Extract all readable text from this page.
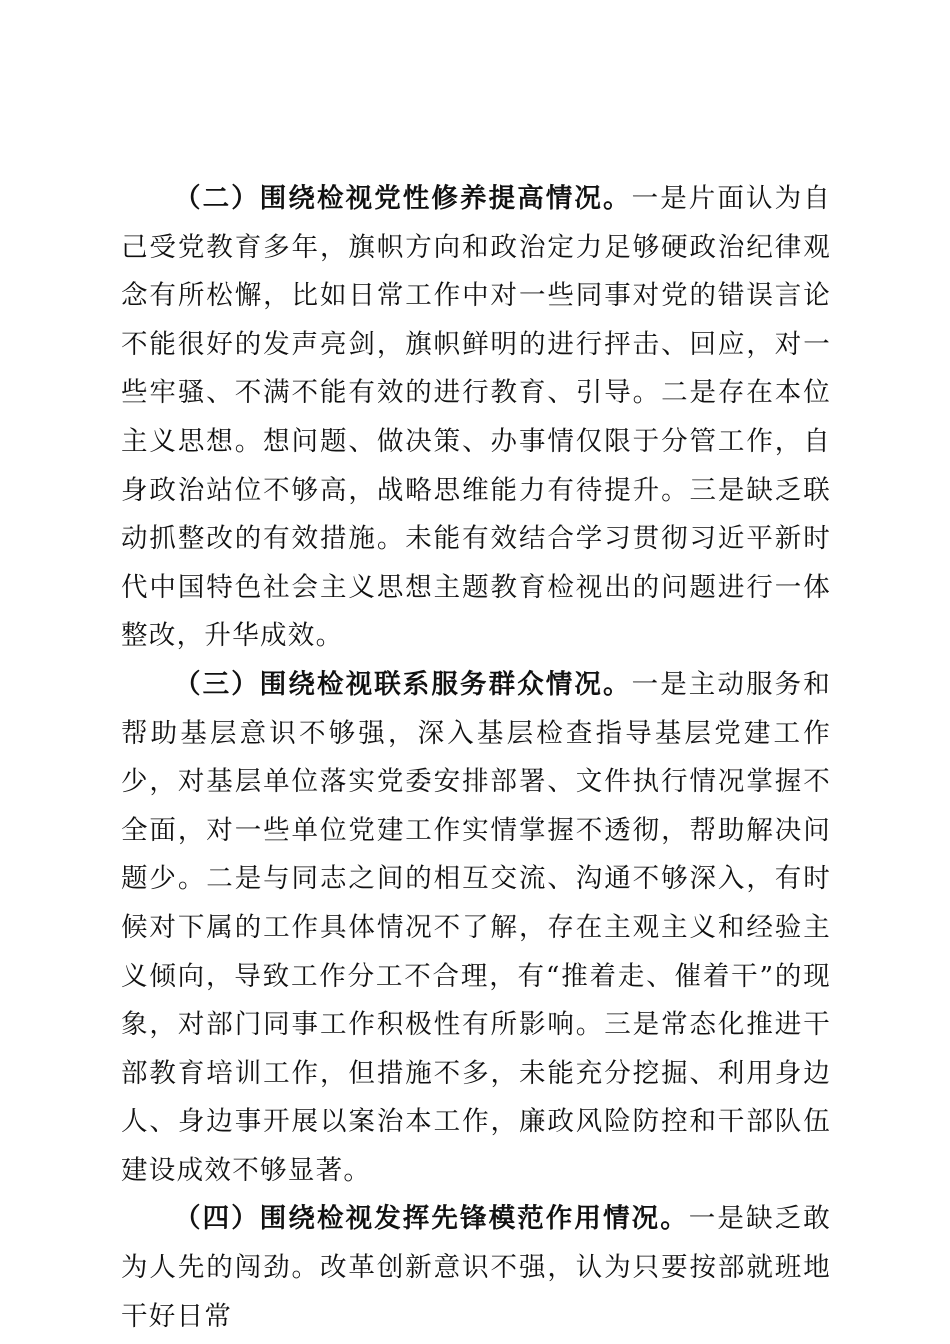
（二）围绕检视党性修养提高情况。一是片面认为自己受党教育多年，旗帜方向和政治定力足够硬政治纪律观念有所松懈，比如日常工作中对一些同事对党的错误言论不能很好的发声亮剑，旗帜鲜明的进行抨击、回应，对一些牢骚、不满不能有效的进行教育、引导。二是存在本位主义思想。想问题、做决策、办事情仅限于分管工作，自身政治站位不够高，战略思维能力有待提升。三是缺乏联动抓整改的有效措施。未能有效结合学习贯彻习近平新时代中国特色社会主义思想主题教育检视出的问题进行一体整改，升华成效。

（三）围绕检视联系服务群众情况。一是主动服务和帮助基层意识不够强，深入基层检查指导基层党建工作少，对基层单位落实党委安排部署、文件执行情况掌握不全面，对一些单位党建工作实情掌握不透彻，帮助解决问题少。二是与同志之间的相互交流、沟通不够深入，有时候对下属的工作具体情况不了解，存在主观主义和经验主义倾向，导致工作分工不合理，有“推着走、催着干”的现象，对部门同事工作积极性有所影响。三是常态化推进干部教育培训工作，但措施不多，未能充分挖掘、利用身边人、身边事开展以案治本工作，廉政风险防控和干部队伍建设成效不够显著。

（四）围绕检视发挥先锋模范作用情况。一是缺乏敢为人先的闯劲。改革创新意识不强，认为只要按部就班地干好日常
